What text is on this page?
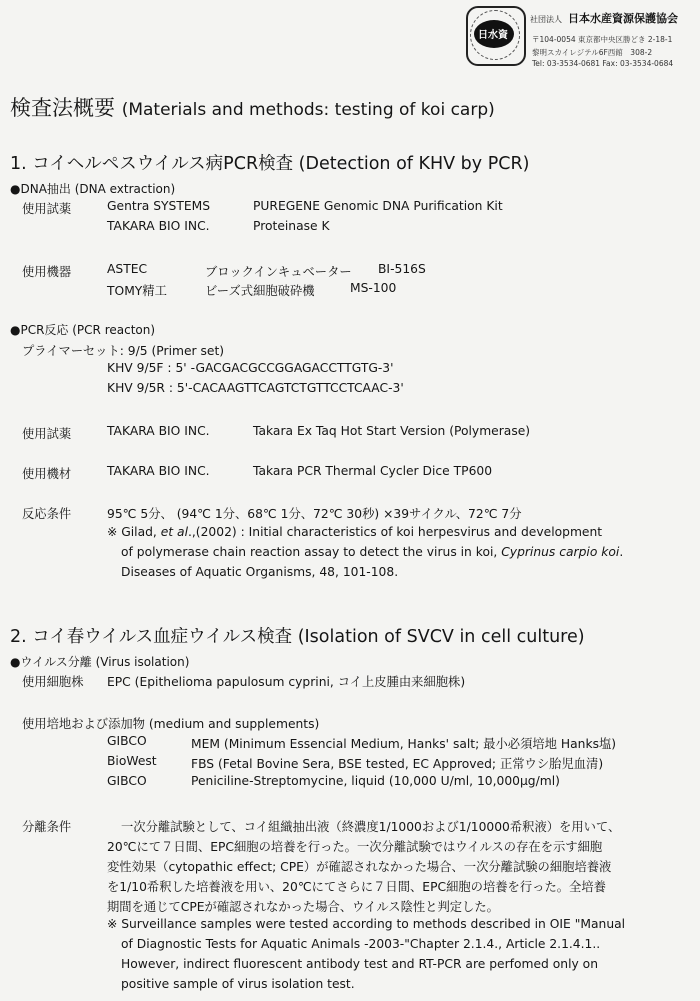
日水資
社団法人 日本水産資源保護協会
〒104-0054 東京都中央区勝どき 2-18-1
黎明スカイレジテル6F西館　308-2
Tel: 03-3534-0681 Fax: 03-3534-0684
検査法概要 (Materials and methods: testing of koi carp)
1. コイヘルペスウイルス病PCR検査 (Detection of KHV by PCR)
●DNA抽出 (DNA extraction)
使用試薬	Gentra SYSTEMS	PUREGENE Genomic DNA Purification Kit
TAKARA BIO INC.	Proteinase K
使用機器	ASTEC	ブロックインキュベーター BI-516S
TOMY精工	ビーズ式細胞破砕機	MS-100
●PCR反応 (PCR reacton)
プライマーセット: 9/5 (Primer set)
KHV 9/5F : 5' -GACGACGCCGGAGACCTTGTG-3'
KHV 9/5R : 5'-CACAAGTTCAGTCTGTTCCTCAAC-3'
使用試薬	TAKARA BIO INC.	Takara Ex Taq Hot Start Version (Polymerase)
使用機材	TAKARA BIO INC.	Takara PCR Thermal Cycler Dice TP600
反応条件	95℃ 5分、 (94℃ 1分、68℃ 1分、72℃ 30秒) ×39サイクル、72℃ 7分
※ Gilad, et al.,(2002) : Initial characteristics of koi herpesvirus and development
of polymerase chain reaction assay to detect the virus in koi, Cyprinus carpio koi.
Diseases of Aquatic Organisms, 48, 101-108.
2. コイ春ウイルス血症ウイルス検査 (Isolation of SVCV in cell culture)
●ウイルス分離 (Virus isolation)
使用細胞株 EPC (Epithelioma papulosum cyprini, コイ上皮腫由来細胞株)
使用培地および添加物 (medium and supplements)
GIBCO	MEM (Minimum Essencial Medium, Hanks' salt; 最小必須培地 Hanks塩)
BioWest	FBS (Fetal Bovine Sera, BSE tested, EC Approved; 正常ウシ胎児血清)
GIBCO	Peniciline-Streptomycine, liquid (10,000 U/ml, 10,000μg/ml)
分離条件	一次分離試験として、コイ組織抽出液（終濃度1/1000および1/10000希釈液）を用いて、
20℃にて７日間、EPC細胞の培養を行った。一次分離試験ではウイルスの存在を示す細胞
変性効果（cytopathic effect; CPE）が確認されなかった場合、一次分離試験の細胞培養液
を1/10希釈した培養液を用い、20℃にてさらに７日間、EPC細胞の培養を行った。全培養
期間を通じてCPEが確認されなかった場合、ウイルス陰性と判定した。
※ Surveillance samples were tested according to methods described in OIE "Manual
of Diagnostic Tests for Aquatic Animals -2003-"Chapter 2.1.4., Article 2.1.4.1..
However, indirect fluorescent antibody test and RT-PCR are perfomed only on
positive sample of virus isolation test.
